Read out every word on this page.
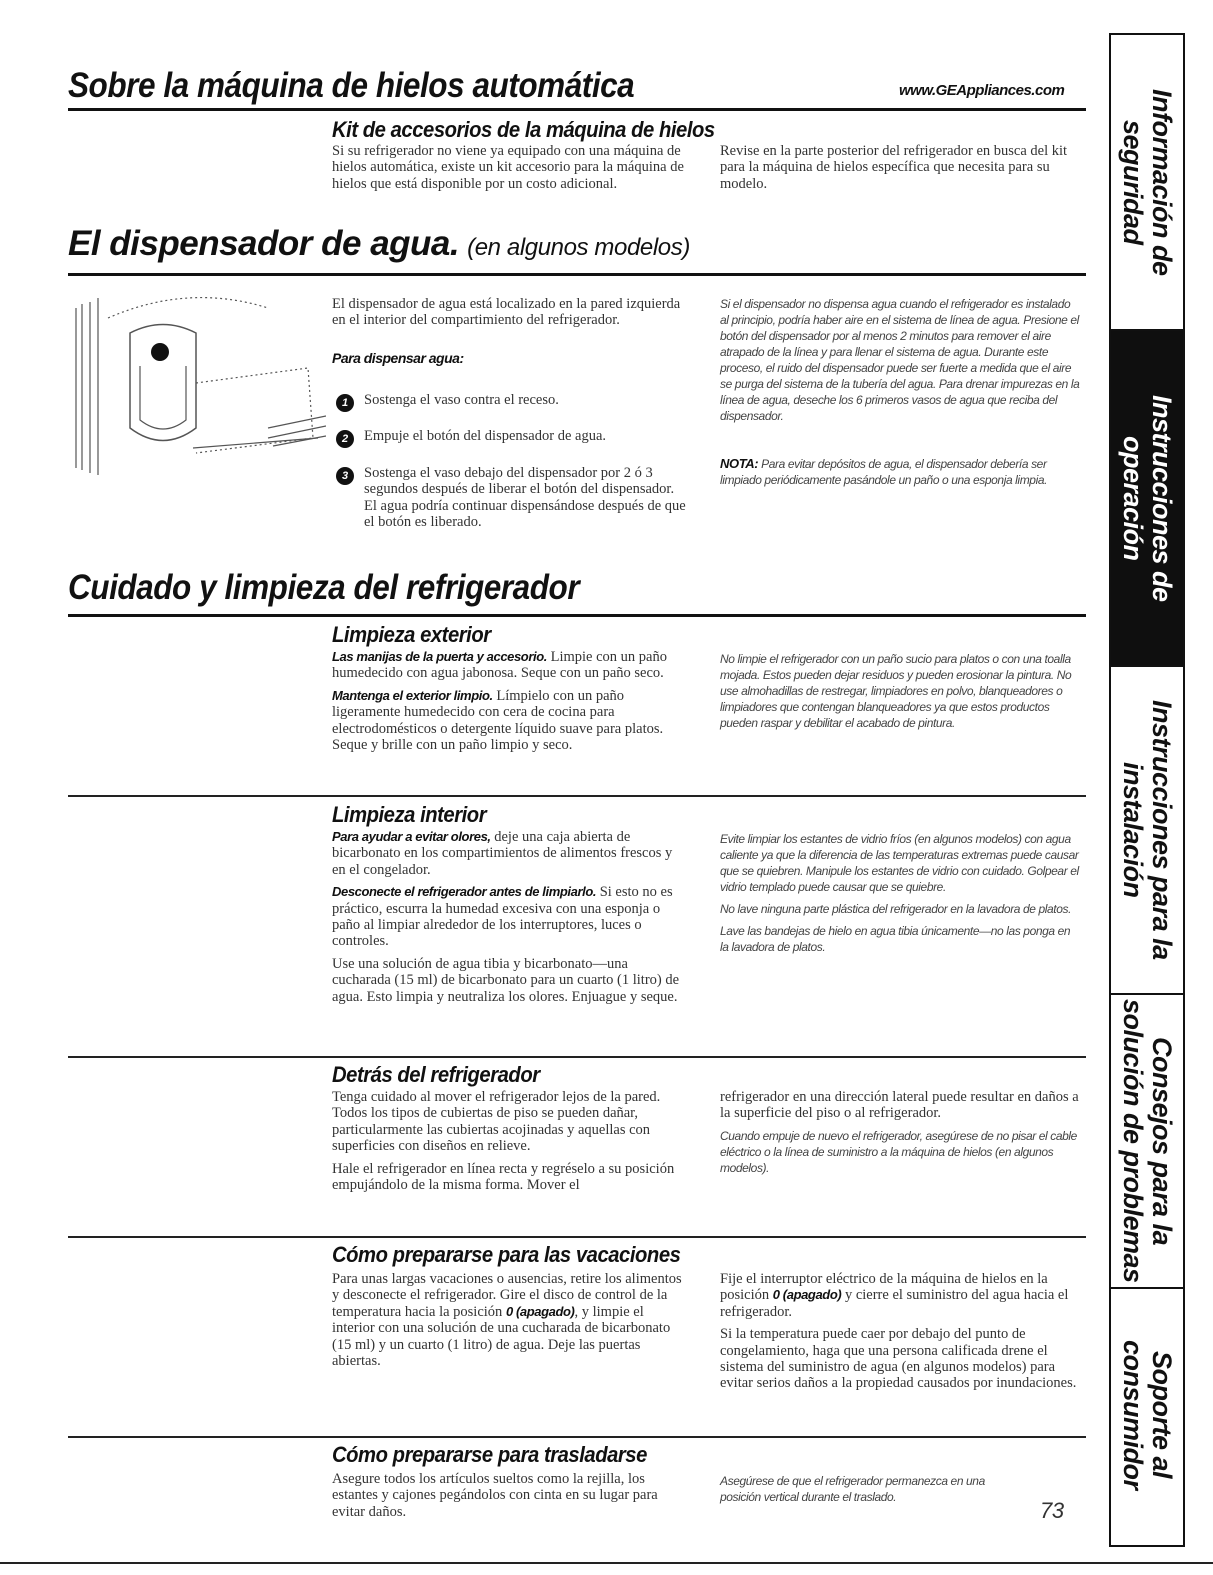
Sobre la máquina de hielos automática	www.GEAppliances.com
Kit de accesorios de la máquina de hielos

Si su refrigerador no viene ya equipado con una máquina de hielos automática, existe un kit accesorio para la máquina de hielos que está disponible por un costo adicional.

Revise en la parte posterior del refrigerador en busca del kit para la máquina de hielos específica que necesita para su modelo.

El dispensador de agua. (en algunos modelos)

El dispensador de agua está localizado en la pared izquierda en el interior del compartimiento del refrigerador.

Para dispensar agua:
1	Sostenga el vaso contra el receso.
2	Empuje el botón del dispensador de agua.
3	Sostenga el vaso debajo del dispensador por 2 ó 3 segundos después de liberar el botón del dispensador. El agua podría continuar dispensándose después de que el botón es liberado.

Si el dispensador no dispensa agua cuando el refrigerador es instalado al principio, podría haber aire en el sistema de línea de agua. Presione el botón del dispensador por al menos 2 minutos para remover el aire atrapado de la línea y para llenar el sistema de agua. Durante este proceso, el ruido del dispensador puede ser fuerte a medida que el aire se purga del sistema de la tubería del agua. Para drenar impurezas en la línea de agua, deseche los 6 primeros vasos de agua que reciba del dispensador.

NOTA: Para evitar depósitos de agua, el dispensador debería ser limpiado periódicamente pasándole un paño o una esponja limpia.

Cuidado y limpieza del refrigerador
Limpieza exterior

Las manijas de la puerta y accesorio. Limpie con un paño humedecido con agua jabonosa. Seque con un paño seco.

Mantenga el exterior limpio. Límpielo con un paño ligeramente humedecido con cera de cocina para electrodomésticos o detergente líquido suave para platos. Seque y brille con un paño limpio y seco.

No limpie el refrigerador con un paño sucio para platos o con una toalla mojada. Estos pueden dejar residuos y pueden erosionar la pintura. No use almohadillas de restregar, limpiadores en polvo, blanqueadores o limpiadores que contengan blanqueadores ya que estos productos pueden raspar y debilitar el acabado de pintura.

Limpieza interior

Para ayudar a evitar olores, deje una caja abierta de bicarbonato en los compartimientos de alimentos frescos y en el congelador.

Desconecte el refrigerador antes de limpiarlo. Si esto no es práctico, escurra la humedad excesiva con una esponja o paño al limpiar alrededor de los interruptores, luces o controles.

Use una solución de agua tibia y bicarbonato—una cucharada (15 ml) de bicarbonato para un cuarto (1 litro) de agua. Esto limpia y neutraliza los olores. Enjuague y seque.

Evite limpiar los estantes de vidrio fríos (en algunos modelos) con agua caliente ya que la diferencia de las temperaturas extremas puede causar que se quiebren. Manipule los estantes de vidrio con cuidado. Golpear el vidrio templado puede causar que se quiebre.

No lave ninguna parte plástica del refrigerador en la lavadora de platos.

Lave las bandejas de hielo en agua tibia únicamente—no las ponga en la lavadora de platos.

Detrás del refrigerador

Tenga cuidado al mover el refrigerador lejos de la pared. Todos los tipos de cubiertas de piso se pueden dañar, particularmente las cubiertas acojinadas y aquellas con superficies con diseños en relieve.

Hale el refrigerador en línea recta y regréselo a su posición empujándolo de la misma forma. Mover el

refrigerador en una dirección lateral puede resultar en daños a la superficie del piso o al refrigerador.

Cuando empuje de nuevo el refrigerador, asegúrese de no pisar el cable eléctrico o la línea de suministro a la máquina de hielos (en algunos modelos).

Cómo prepararse para las vacaciones

Para unas largas vacaciones o ausencias, retire los alimentos y desconecte el refrigerador. Gire el disco de control de la temperatura hacia la posición 0 (apagado), y limpie el interior con una solución de una cucharada de bicarbonato (15 ml) y un cuarto (1 litro) de agua. Deje las puertas abiertas.

Fije el interruptor eléctrico de la máquina de hielos en la posición 0 (apagado) y cierre el suministro del agua hacia el refrigerador.

Si la temperatura puede caer por debajo del punto de congelamiento, haga que una persona calificada drene el sistema del suministro de agua (en algunos modelos) para evitar serios daños a la propiedad causados por inundaciones.

Cómo prepararse para trasladarse

Asegure todos los artículos sueltos como la rejilla, los estantes y cajones pegándolos con cinta en su lugar para evitar daños.

Asegúrese de que el refrigerador permanezca en una posición vertical durante el traslado.

73
Información de seguridad
Instrucciones de operación
Instrucciones para la instalación
Consejos para la solución de problemas
Soporte al consumidor
